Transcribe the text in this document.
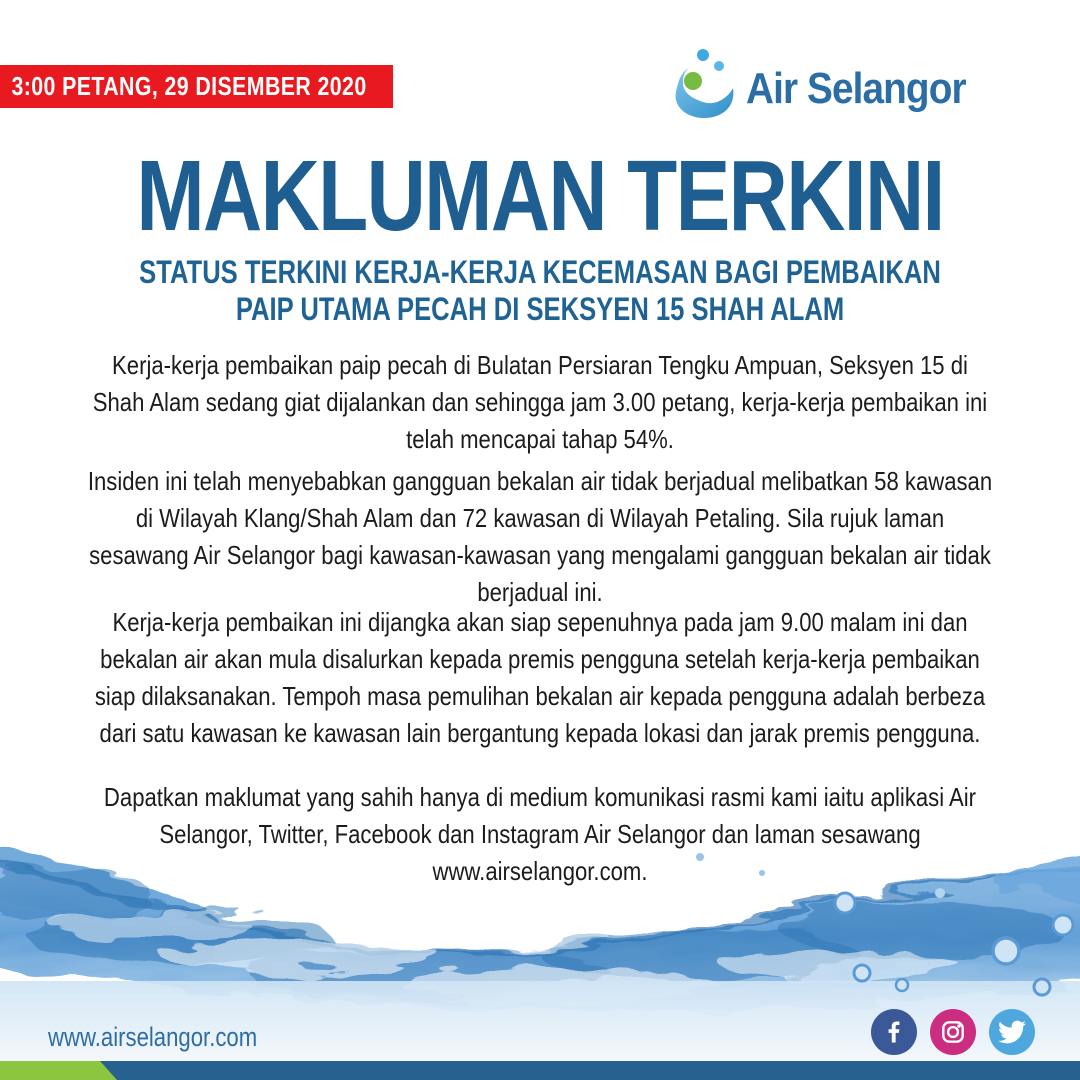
3:00 PETANG, 29 DISEMBER 2020	Air Selangor
MAKLUMAN TERKINI
STATUS TERKINI KERJA-KERJA KECEMASAN BAGI PEMBAIKAN
PAIP UTAMA PECAH DI SEKSYEN 15 SHAH ALAM
Kerja-kerja pembaikan paip pecah di Bulatan Persiaran Tengku Ampuan, Seksyen 15 di Shah Alam sedang giat dijalankan dan sehingga jam 3.00 petang, kerja-kerja pembaikan ini telah mencapai tahap 54%.
Insiden ini telah menyebabkan gangguan bekalan air tidak berjadual melibatkan 58 kawasan di Wilayah Klang/Shah Alam dan 72 kawasan di Wilayah Petaling. Sila rujuk laman sesawang Air Selangor bagi kawasan-kawasan yang mengalami gangguan bekalan air tidak berjadual ini.
Kerja-kerja pembaikan ini dijangka akan siap sepenuhnya pada jam 9.00 malam ini dan bekalan air akan mula disalurkan kepada premis pengguna setelah kerja-kerja pembaikan siap dilaksanakan. Tempoh masa pemulihan bekalan air kepada pengguna adalah berbeza dari satu kawasan ke kawasan lain bergantung kepada lokasi dan jarak premis pengguna.
Dapatkan maklumat yang sahih hanya di medium komunikasi rasmi kami iaitu aplikasi Air Selangor, Twitter, Facebook dan Instagram Air Selangor dan laman sesawang www.airselangor.com.
www.airselangor.com
